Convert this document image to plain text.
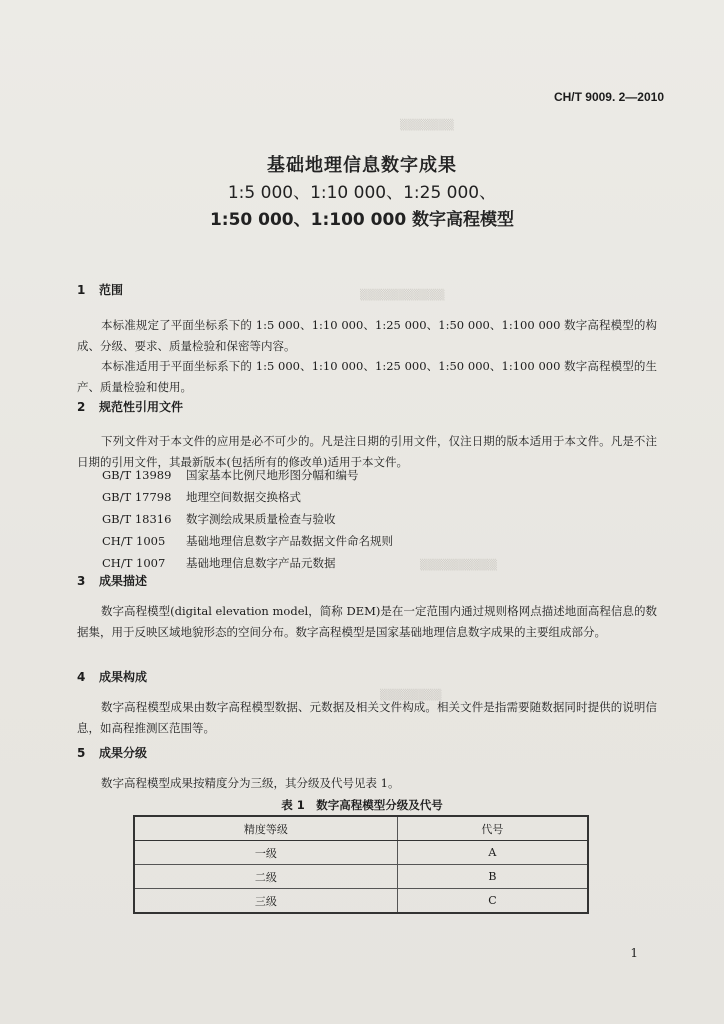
▒▒▒▒▒▒▒
▒▒▒▒▒▒▒▒▒▒▒
▒▒▒▒▒▒▒▒▒▒
▒▒▒▒▒▒▒▒
CH/T 9009. 2—2010
基础地理信息数字成果
1:5 000、1:10 000、1:25 000、
1:50 000、1:100 000 数字高程模型
1 范围
本标准规定了平面坐标系下的 1:5 000、1:10 000、1:25 000、1:50 000、1:100 000 数字高程模型的构成、分级、要求、质量检验和保密等内容。
本标准适用于平面坐标系下的 1:5 000、1:10 000、1:25 000、1:50 000、1:100 000 数字高程模型的生产、质量检验和使用。
2 规范性引用文件
下列文件对于本文件的应用是必不可少的。凡是注日期的引用文件，仅注日期的版本适用于本文件。凡是不注日期的引用文件，其最新版本(包括所有的修改单)适用于本文件。
GB/T 13989 国家基本比例尺地形图分幅和编号
GB/T 17798 地理空间数据交换格式
GB/T 18316 数字测绘成果质量检查与验收
CH/T 1005 基础地理信息数字产品数据文件命名规则
CH/T 1007 基础地理信息数字产品元数据
3 成果描述
数字高程模型(digital elevation model，简称 DEM)是在一定范围内通过规则格网点描述地面高程信息的数据集，用于反映区域地貌形态的空间分布。数字高程模型是国家基础地理信息数字成果的主要组成部分。
4 成果构成
数字高程模型成果由数字高程模型数据、元数据及相关文件构成。相关文件是指需要随数据同时提供的说明信息，如高程推测区范围等。
5 成果分级
数字高程模型成果按精度分为三级，其分级及代号见表 1。
表 1　数字高程模型分级及代号
精度等级	代号
一级	A
二级	B
三级	C
1
